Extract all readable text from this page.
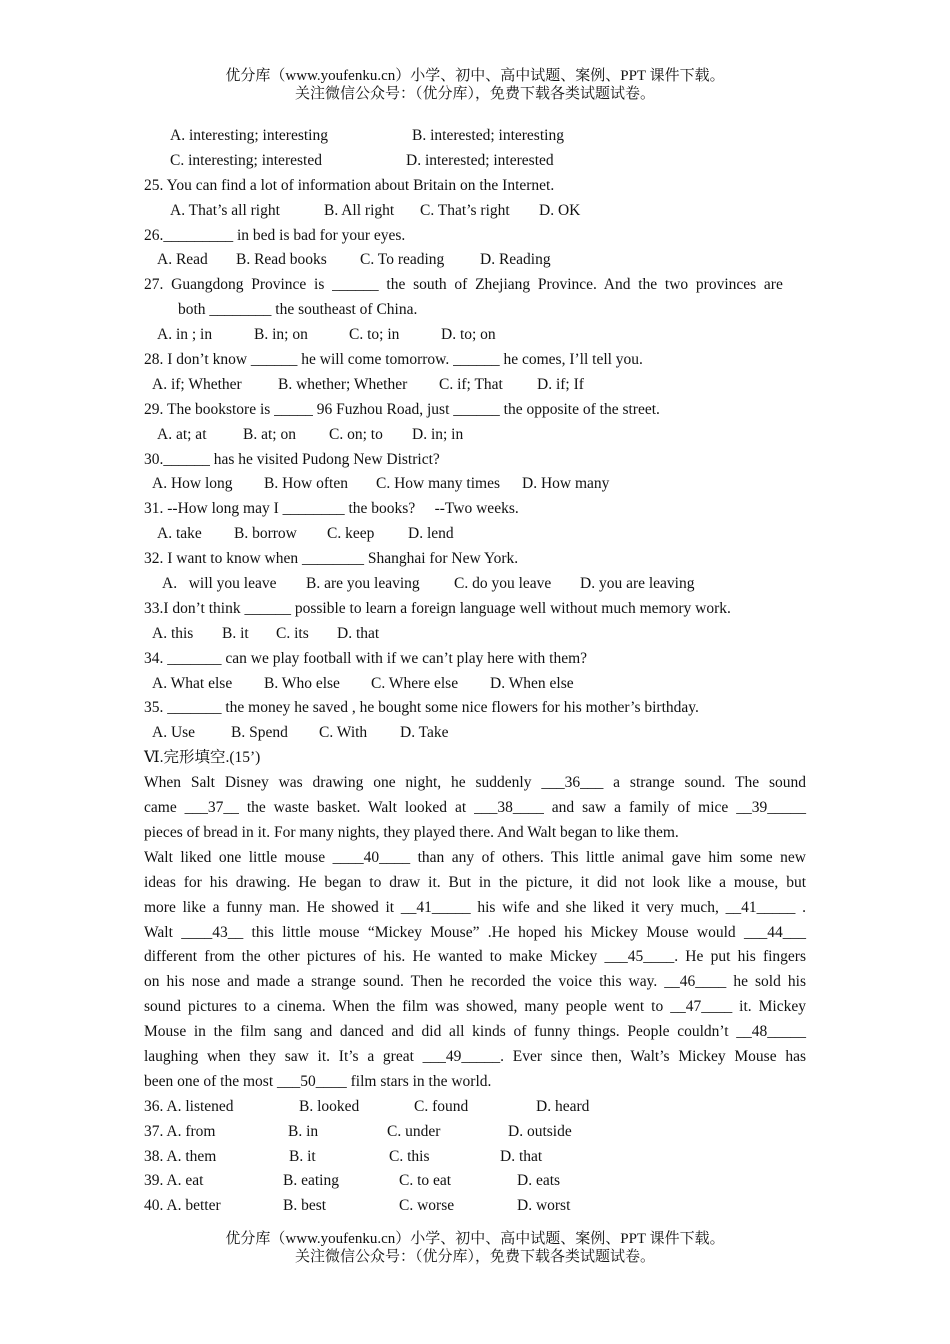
优分库（www.youfenku.cn）小学、初中、高中试题、案例、PPT 课件下载。
关注微信公众号：（优分库），免费下载各类试题试卷。
A. interesting; interesting	B. interested; interesting
C. interesting; interested	D. interested; interested
25. You can find a lot of information about Britain on the Internet.
A. That’s all right	B. All right C. That’s right D. OK
26._________ in bed is bad for your eyes.
A. Read B. Read books C. To reading D. Reading
27.  Guangdong  Province  is  ______  the  south  of  Zhejiang  Province.  And  the  two  provinces  are
both ________ the southeast of China.
A. in ; in	B. in; on	C. to; in	D. to; on
28. I don’t know ______ he will come tomorrow. ______ he comes, I’ll tell you.
A. if; Whether B. whether; Whether C. if; That D. if; If
29. The bookstore is _____ 96 Fuzhou Road, just ______ the opposite of the street.
A. at; at B. at; on C. on; to D. in; in
30.______ has he visited Pudong New District?
A. How long B. How often C. How many times D. How many
31. --How long may I ________ the books?     --Two weeks.
A. take B. borrow C. keep D. lend
32. I want to know when ________ Shanghai for New York.
A.   will you leave B. are you leaving C. do you leave D. you are leaving
33.I don’t think ______ possible to learn a foreign language well without much memory work.
A. this B. it C. its D. that
34. _______ can we play football with if we can’t play here with them?
A. What else B. Who else C. Where else D. When else
35. _______ the money he saved , he bought some nice flowers for his mother’s birthday.
A. Use B. Spend C. With D. Take
Ⅵ.完形填空.(15’)
When Salt Disney was drawing one night, he suddenly ___36___ a strange sound. The sound
came ___37__ the waste basket. Walt looked at ___38____ and saw a family of mice __39_____
pieces of bread in it. For many nights, they played there. And Walt began to like them.
Walt liked one little mouse ____40____ than any of others. This little animal gave him some new
ideas for his drawing. He began to draw it. But in the picture, it did not look like a mouse, but
more like a funny man. He showed it __41_____ his wife and she liked it very much, __41_____ .
Walt ____43__ this little mouse “Mickey Mouse” .He hoped his Mickey Mouse would ___44___
different from the other pictures of his. He wanted to make Mickey ___45____. He put his fingers
on his nose and made a strange sound. Then he recorded the voice this way. __46____ he sold his
sound pictures to a cinema. When the film was showed, many people went to __47____ it. Mickey
Mouse in the film sang and danced and did all kinds of funny things. People couldn’t __48_____
laughing when they saw it. It’s a great ___49_____. Ever since then, Walt’s Mickey Mouse has
been one of the most ___50____ film stars in the world.
36. A. listened	B. looked	C. found	D. heard
37. A. from	B. in	C. under	D. outside
38. A. them	B. it	C. this	D. that
39. A. eat	B. eating	C. to eat	D. eats
40. A. better	B. best	C. worse	D. worst
优分库（www.youfenku.cn）小学、初中、高中试题、案例、PPT 课件下载。
关注微信公众号：（优分库），免费下载各类试题试卷。
